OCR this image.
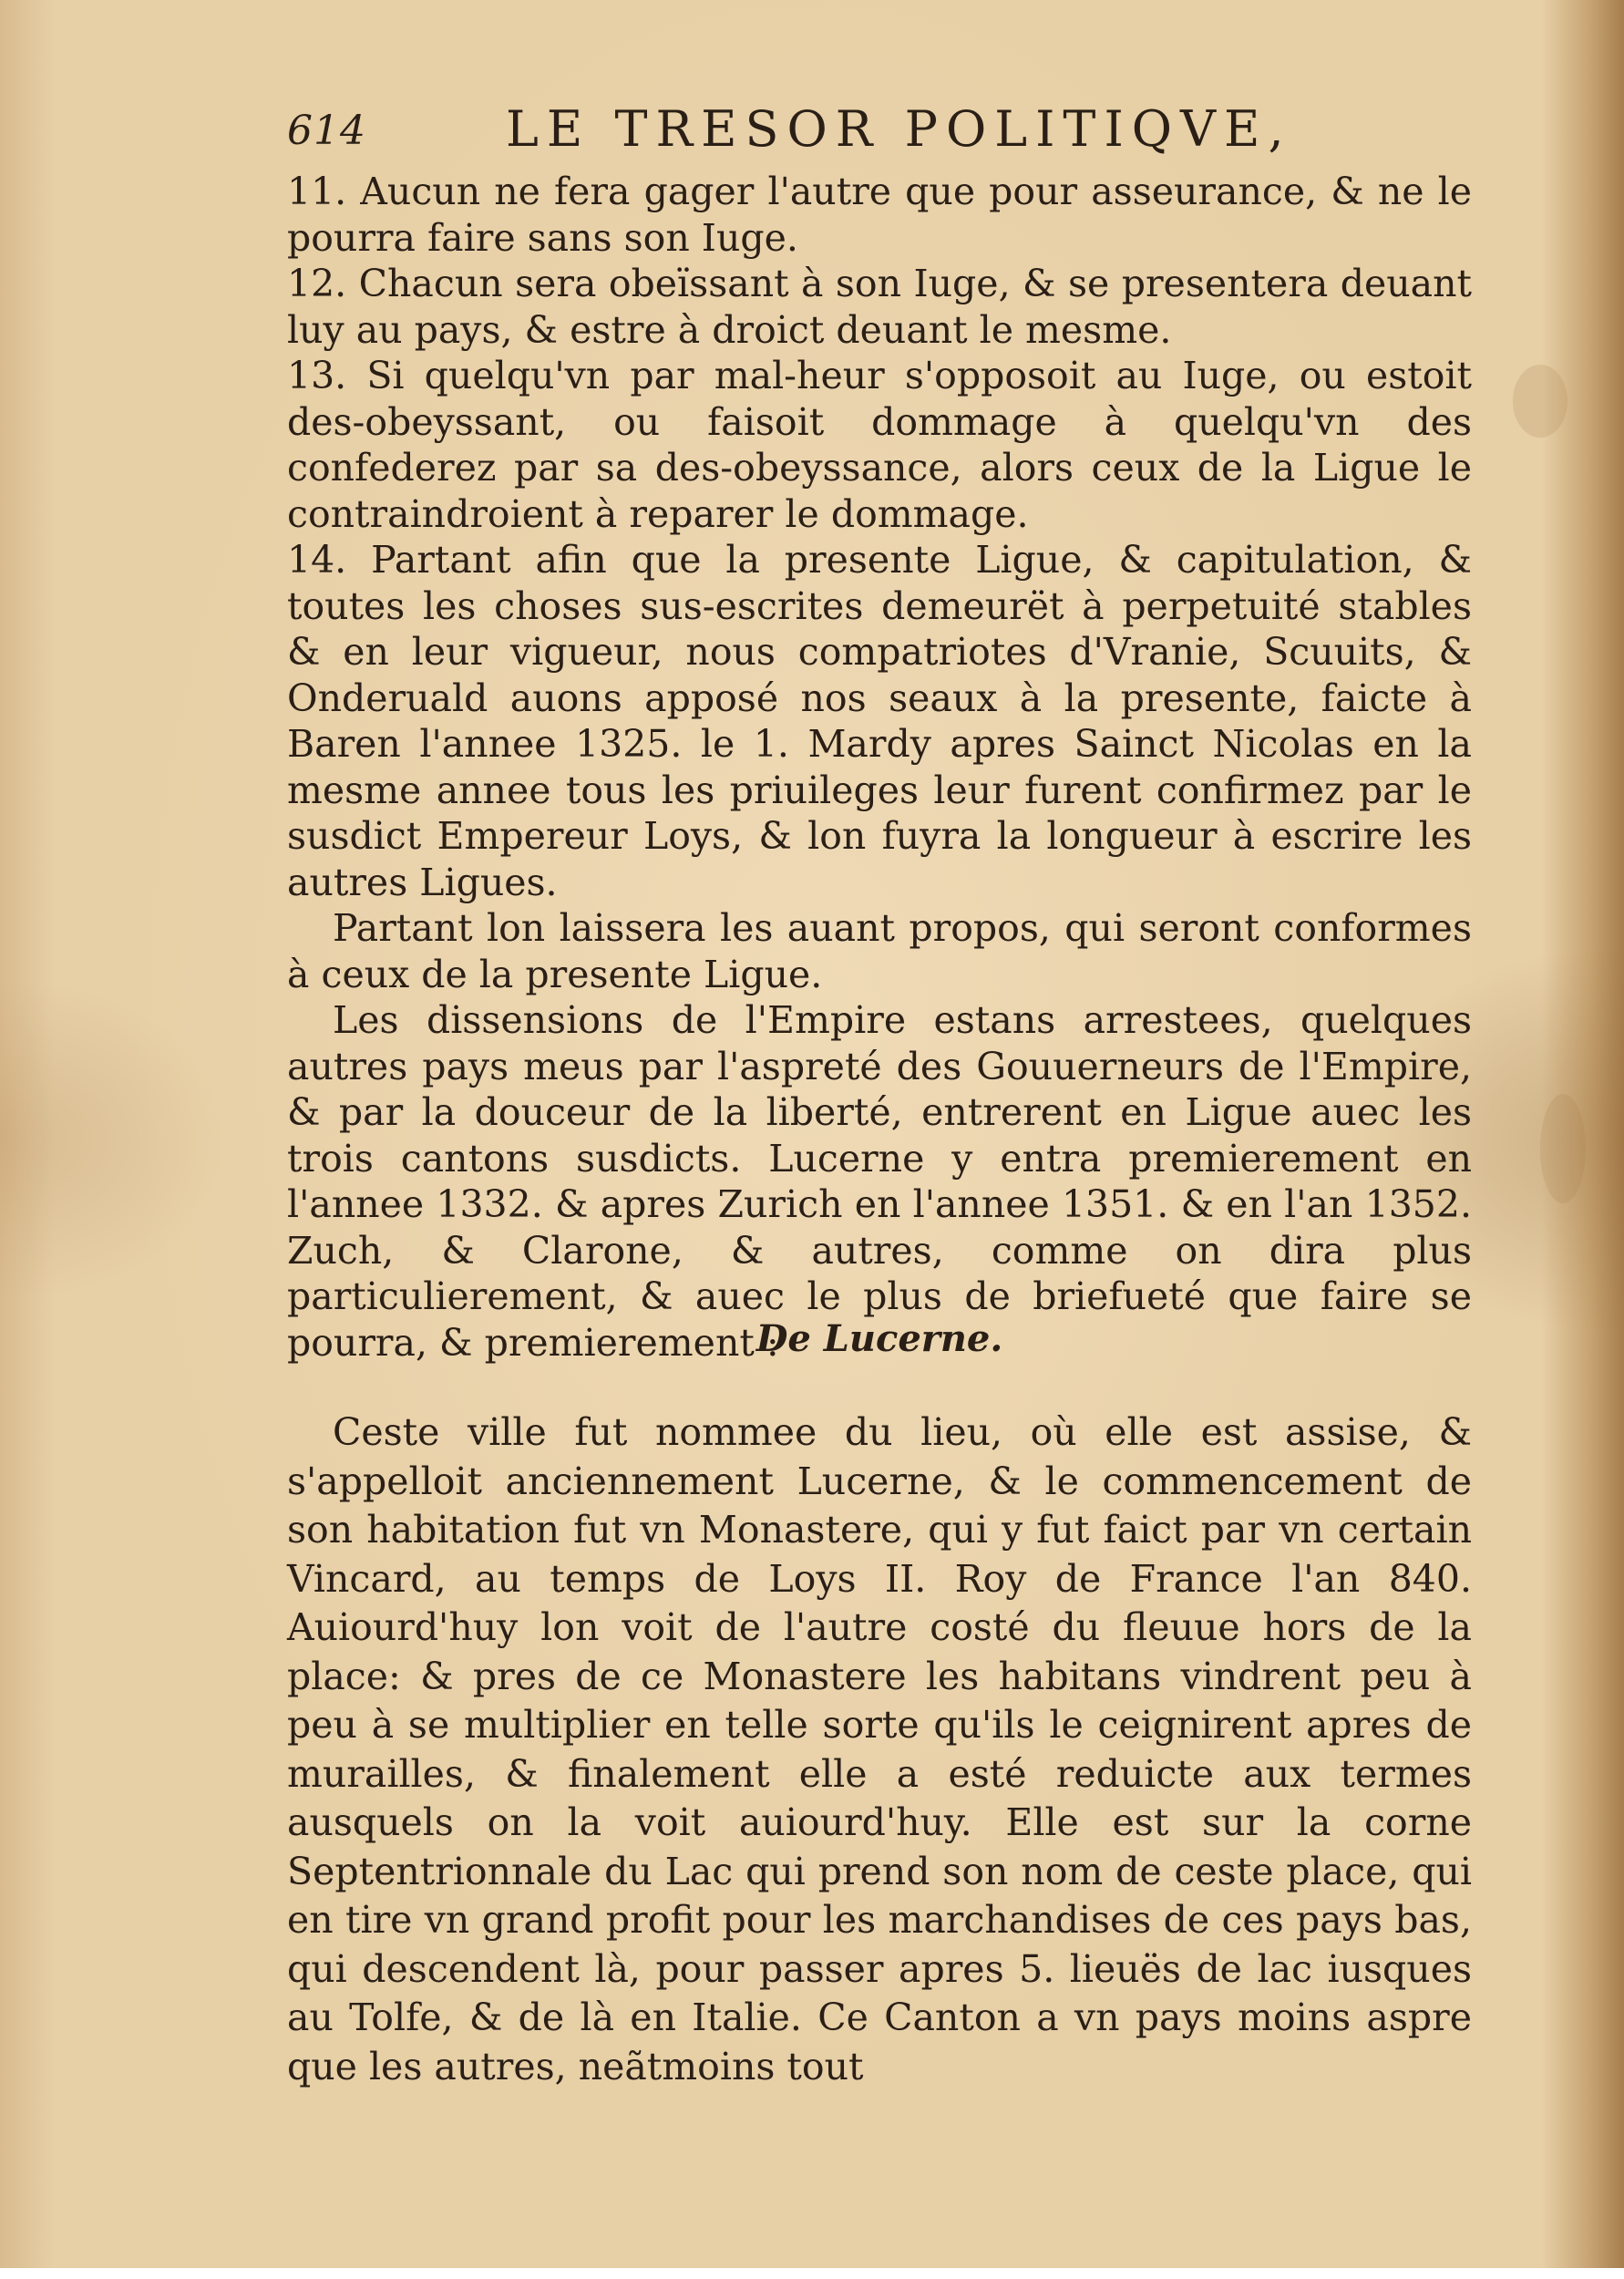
614	LE TRESOR POLITIQVE,

11. Aucun ne fera gager l'autre que pour asseurance, & ne le pourra faire sans son Iuge.

12. Chacun sera obeïssant à son Iuge, & se presentera deuant luy au pays, & estre à droict deuant le mesme.

13. Si quelqu'vn par mal-heur s'opposoit au Iuge, ou estoit des-obeyssant, ou faisoit dommage à quelqu'vn des confederez par sa des-obeyssance, alors ceux de la Ligue le contraindroient à reparer le dommage.

14. Partant afin que la presente Ligue, & capitulation, & toutes les choses sus-escrites demeurët à perpetuité stables & en leur vigueur, nous compatriotes d'Vranie, Scuuits, & Onderuald auons apposé nos seaux à la presente, faicte à Baren l'annee 1325. le 1. Mardy apres Sainct Nicolas en la mesme annee tous les priuileges leur furent confirmez par le susdict Empereur Loys, & lon fuyra la longueur à escrire les autres Ligues.

Partant lon laissera les auant propos, qui seront conformes à ceux de la presente Ligue.

Les dissensions de l'Empire estans arrestees, quelques autres pays meus par l'aspreté des Gouuerneurs de l'Empire, & par la douceur de la liberté, entrerent en Ligue auec les trois cantons susdicts. Lucerne y entra premierement en l'annee 1332. & apres Zurich en l'annee 1351. & en l'an 1352. Zuch, & Clarone, & autres, comme on dira plus particulierement, & auec le plus de briefueté que faire se pourra, & premierement :

De Lucerne.

Ceste ville fut nommee du lieu, où elle est assise, & s'appelloit anciennement Lucerne, & le commencement de son habitation fut vn Monastere, qui y fut faict par vn certain Vincard, au temps de Loys II. Roy de France l'an 840. Auiourd'huy lon voit de l'autre costé du fleuue hors de la place: & pres de ce Monastere les habitans vindrent peu à peu à se multiplier en telle sorte qu'ils le ceignirent apres de murailles, & finalement elle a esté reduicte aux termes ausquels on la voit auiourd'huy. Elle est sur la corne Septentrionnale du Lac qui prend son nom de ceste place, qui en tire vn grand profit pour les marchandises de ces pays bas, qui descendent là, pour passer apres 5. lieuës de lac iusques au Tolfe, & de là en Italie. Ce Canton a vn pays moins aspre que les autres, neãtmoins tout
